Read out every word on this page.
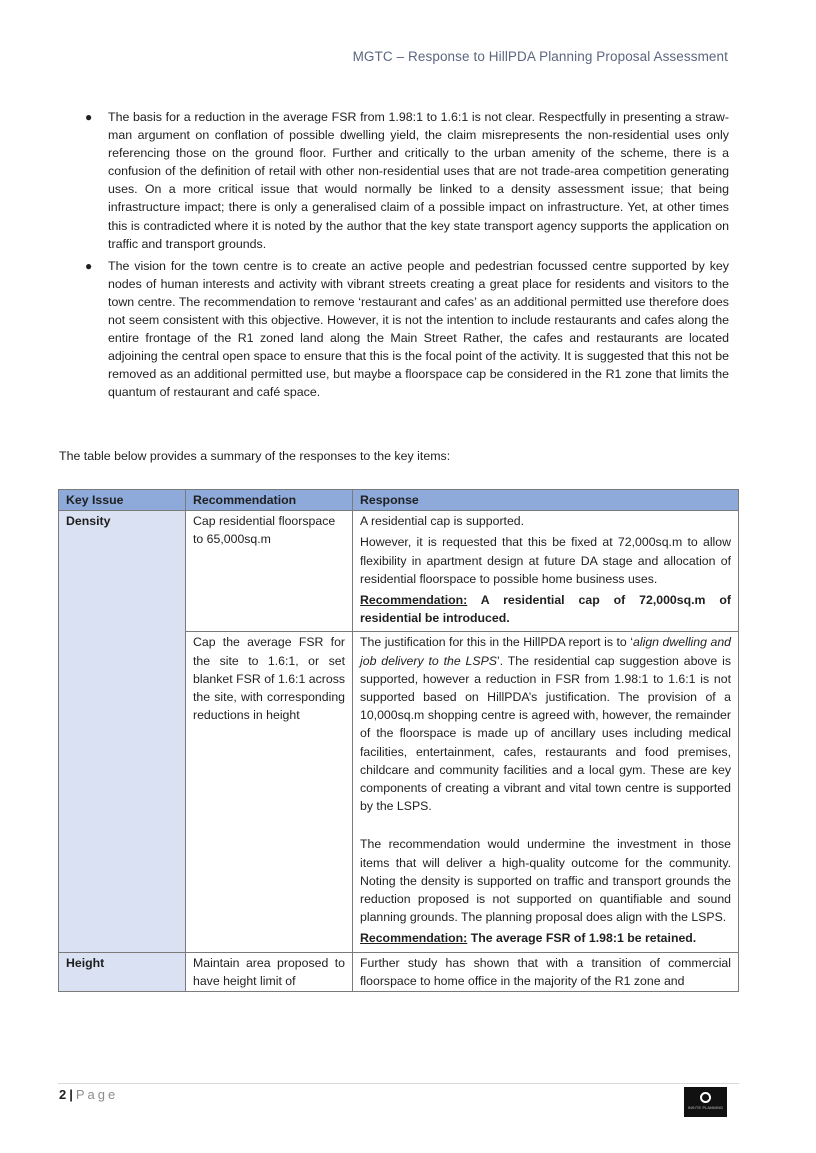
MGTC – Response to HillPDA Planning Proposal Assessment
● The basis for a reduction in the average FSR from 1.98:1 to 1.6:1 is not clear. Respectfully in presenting a straw-man argument on conflation of possible dwelling yield, the claim misrepresents the non-residential uses only referencing those on the ground floor. Further and critically to the urban amenity of the scheme, there is a confusion of the definition of retail with other non-residential uses that are not trade-area competition generating uses. On a more critical issue that would normally be linked to a density assessment issue; that being infrastructure impact; there is only a generalised claim of a possible impact on infrastructure. Yet, at other times this is contradicted where it is noted by the author that the key state transport agency supports the application on traffic and transport grounds.
● The vision for the town centre is to create an active people and pedestrian focussed centre supported by key nodes of human interests and activity with vibrant streets creating a great place for residents and visitors to the town centre. The recommendation to remove ‘restaurant and cafes’ as an additional permitted use therefore does not seem consistent with this objective. However, it is not the intention to include restaurants and cafes along the entire frontage of the R1 zoned land along the Main Street Rather, the cafes and restaurants are located adjoining the central open space to ensure that this is the focal point of the activity. It is suggested that this not be removed as an additional permitted use, but maybe a floorspace cap be considered in the R1 zone that limits the quantum of restaurant and café space.
The table below provides a summary of the responses to the key items:
Key Issue	Recommendation	Response
Density	Cap residential floorspace to 65,000sq.m	A residential cap is supported.

However, it is requested that this be fixed at 72,000sq.m to allow flexibility in apartment design at future DA stage and allocation of residential floorspace to possible home business uses.

Recommendation: A residential cap of 72,000sq.m of residential be introduced.

	Cap the average FSR for the site to 1.6:1, or set blanket FSR of 1.6:1 across the site, with corresponding reductions in height	The justification for this in the HillPDA report is to ‘align dwelling and job delivery to the LSPS’. The residential cap suggestion above is supported, however a reduction in FSR from 1.98:1 to 1.6:1 is not supported based on HillPDA’s justification. The provision of a 10,000sq.m shopping centre is agreed with, however, the remainder of the floorspace is made up of ancillary uses including medical facilities, entertainment, cafes, restaurants and food premises, childcare and community facilities and a local gym. These are key components of creating a vibrant and vital town centre is supported by the LSPS.

The recommendation would undermine the investment in those items that will deliver a high-quality outcome for the community. Noting the density is supported on traffic and transport grounds the reduction proposed is not supported on quantifiable and sound planning grounds. The planning proposal does align with the LSPS.

Recommendation: The average FSR of 1.98:1 be retained.

Height	Maintain area proposed to have height limit of	Further study has shown that with a transition of commercial floorspace to home office in the majority of the R1 zone and
2 | Page
INSITE PLANNING
